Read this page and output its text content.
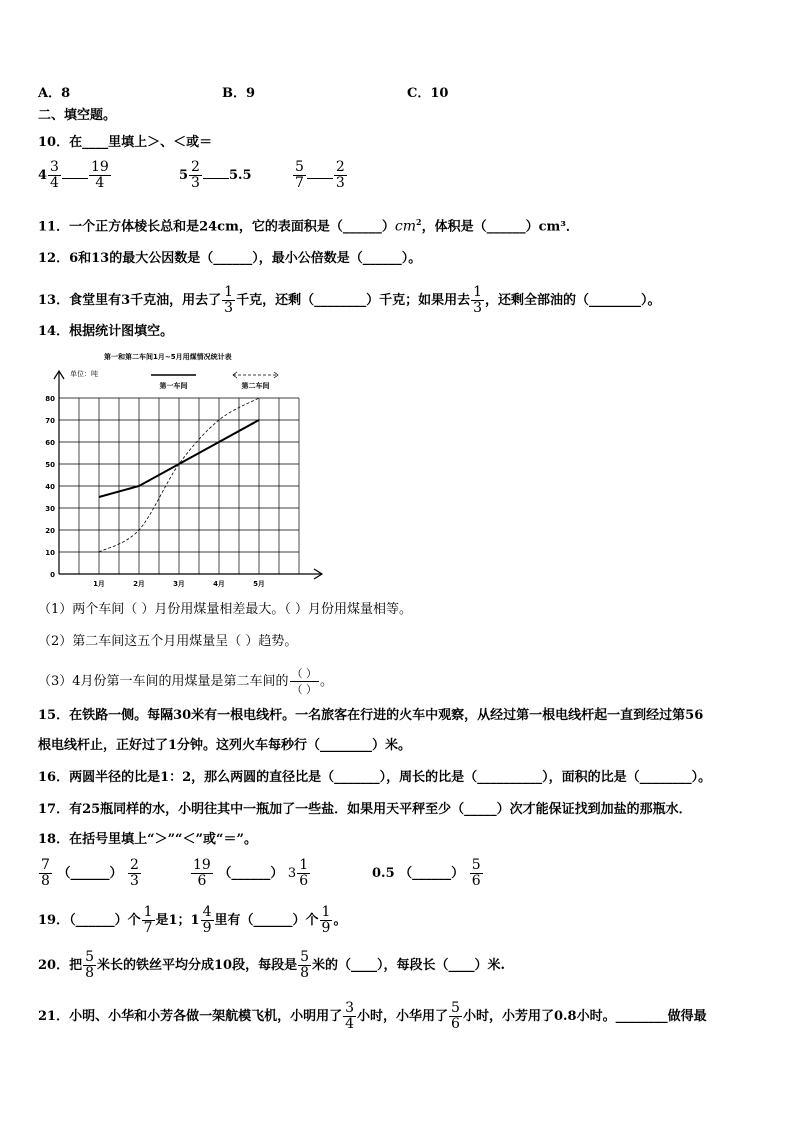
A．8	B．9	C．10
二、填空题。
10．在____里填上＞、＜或＝
$4 \frac{3}{4} \frac{19}{4}$	$5 \frac{2}{3} 5.5$	$\frac{5}{7} \frac{2}{3}$
11．一个正方体棱长总和是24cm，它的表面积是$(\_\_\_\_\_\_)cm^2$，体积是（______）cm³．
12．6和13的最大公因数是（______），最小公倍数是（______）。
13．食堂里有3千克油，用去了 $\frac{1}{3}$ 千克，还剩（________）千克；如果用去 $\frac{1}{3}$ ，还剩全部油的（________）。
14．根据统计图填空。
第一和第二车间1月~5月用煤情况统计表
单位：吨
0
10
20
30
40
50
60
70
80
1月	2月	3月	4月	5月
第一车间	第二车间
（1）两个车间（ ）月份用煤量相差最大。（ ）月份用煤量相等。
（2）第二车间这五个月用煤量呈（ ）趋势。
（3）4月份第一车间的用煤量是第二车间的 $\frac{( )}{( )}$ 。
15．在铁路一侧。每隔30米有一根电线杆。一名旅客在行进的火车中观察，从经过第一根电线杆起一直到经过第56
根电线杆止，正好过了1分钟。这列火车每秒行（________）米。
16．两圆半径的比是1：2，那么两圆的直径比是（_______），周长的比是（__________），面积的比是（________）。
17．有25瓶同样的水，小明往其中一瓶加了一些盐．如果用天平秤至少（_____）次才能保证找到加盐的那瓶水．
18．在括号里填上“＞”“＜”或“＝”。
$\frac{7}{8}$ （______） $\frac{2}{3}$	$\frac{19}{6}$ （______） $3 \frac{1}{6}$	0.5 （______） $\frac{5}{6}$
19．（______）个 $\frac{1}{7}$ 是1；$1 \frac{4}{9}$ 里有（______）个 $\frac{1}{9}$ 。
20．把 $\frac{5}{8}$ 米长的铁丝平均分成10段，每段是 $\frac{5}{8}$ 米的（____），每段长（____）米.
21．小明、小华和小芳各做一架航模飞机，小明用了 $\frac{3}{4}$ 小时，小华用了 $\frac{5}{6}$ 小时，小芳用了0.8小时。________做得最
